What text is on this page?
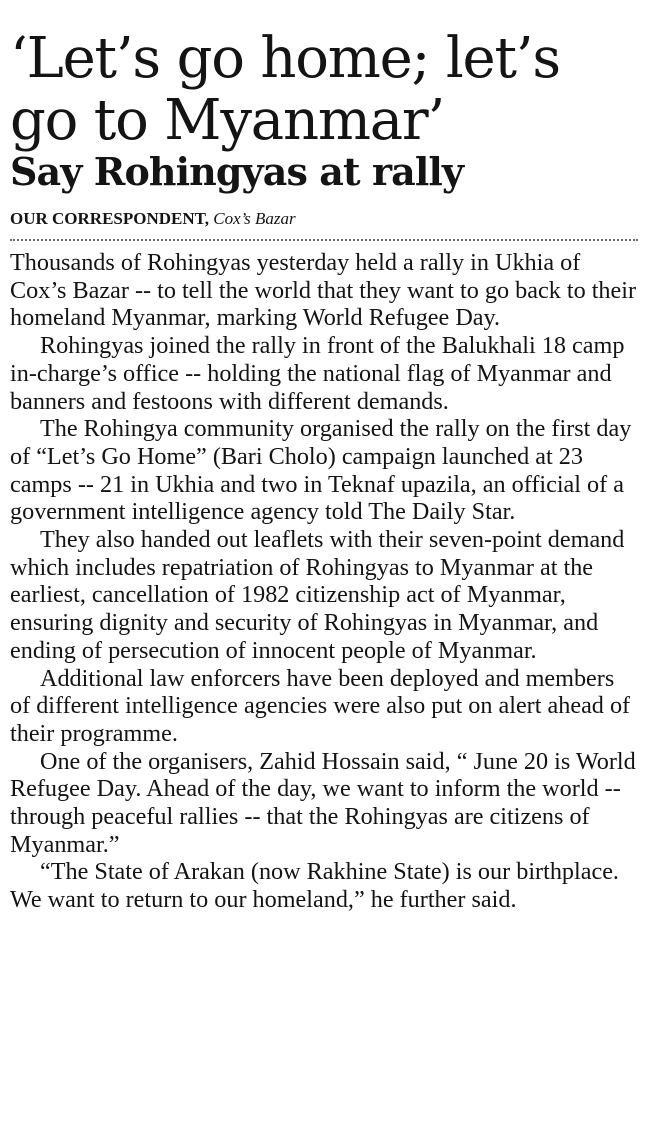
‘Let’s go home; let’s go to Myanmar’
Say Rohingyas at rally
OUR CORRESPONDENT, Cox’s Bazar

Thousands of Rohingyas yesterday held a rally in Ukhia of Cox’s Bazar -- to tell the world that they want to go back to their homeland Myanmar, marking World Refugee Day.

Rohingyas joined the rally in front of the Balukhali 18 camp in-charge’s office -- holding the national flag of Myanmar and banners and festoons with different demands.

The Rohingya community organised the rally on the first day of “Let’s Go Home” (Bari Cholo) campaign launched at 23 camps -- 21 in Ukhia and two in Teknaf upazila, an official of a government intelligence agency told The Daily Star.

They also handed out leaflets with their seven-point demand which includes repatriation of Rohingyas to Myanmar at the earliest, cancellation of 1982 citizenship act of Myanmar, ensuring dignity and security of Rohingyas in Myanmar, and ending of persecution of innocent people of Myanmar.

Additional law enforcers have been deployed and members of different intelligence agencies were also put on alert ahead of their programme.

One of the organisers, Zahid Hossain said, “ June 20 is World Refugee Day. Ahead of the day, we want to inform the world -- through peaceful rallies -- that the Rohingyas are citizens of Myanmar.”

“The State of Arakan (now Rakhine State) is our birthplace. We want to return to our homeland,” he further said.
